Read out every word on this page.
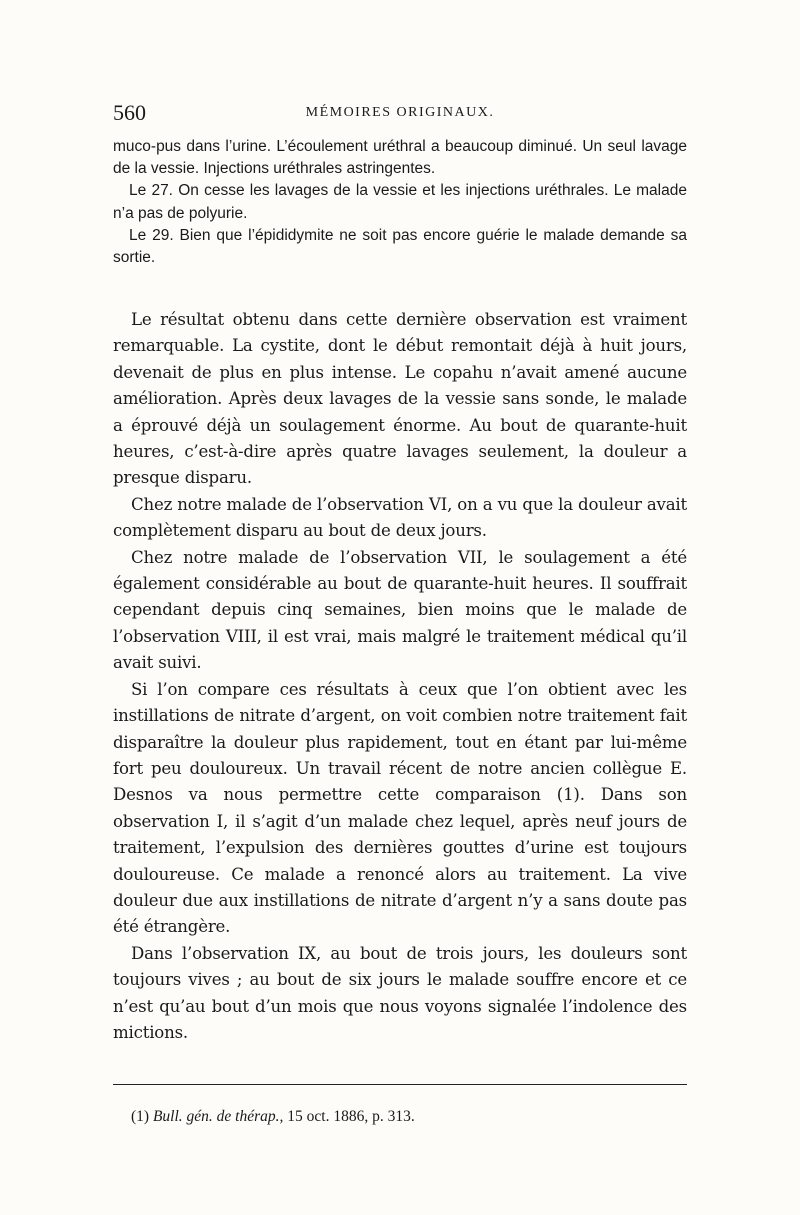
560	MÉMOIRES ORIGINAUX.

muco-pus dans l’urine. L’écoulement uréthral a beaucoup diminué. Un seul lavage de la vessie. Injections uréthrales astringentes.

Le 27. On cesse les lavages de la vessie et les injections uréthrales. Le malade n’a pas de polyurie.

Le 29. Bien que l’épididymite ne soit pas encore guérie le malade demande sa sortie.

Le résultat obtenu dans cette dernière observation est vraiment remarquable. La cystite, dont le début remontait déjà à huit jours, devenait de plus en plus intense. Le copahu n’avait amené aucune amélioration. Après deux lavages de la vessie sans sonde, le malade a éprouvé déjà un soulagement énorme. Au bout de quarante-huit heures, c’est-à-dire après quatre lavages seulement, la douleur a presque disparu.

Chez notre malade de l’observation VI, on a vu que la douleur avait complètement disparu au bout de deux jours.

Chez notre malade de l’observation VII, le soulagement a été également considérable au bout de quarante-huit heures. Il souffrait cependant depuis cinq semaines, bien moins que le malade de l’observation VIII, il est vrai, mais malgré le traitement médical qu’il avait suivi.

Si l’on compare ces résultats à ceux que l’on obtient avec les instillations de nitrate d’argent, on voit combien notre traitement fait disparaître la douleur plus rapidement, tout en étant par lui-même fort peu douloureux. Un travail récent de notre ancien collègue E. Desnos va nous permettre cette comparaison (1). Dans son observation I, il s’agit d’un malade chez lequel, après neuf jours de traitement, l’expulsion des dernières gouttes d’urine est toujours douloureuse. Ce malade a renoncé alors au traitement. La vive douleur due aux instillations de nitrate d’argent n’y a sans doute pas été étrangère.

Dans l’observation IX, au bout de trois jours, les douleurs sont toujours vives ; au bout de six jours le malade souffre encore et ce n’est qu’au bout d’un mois que nous voyons signalée l’indolence des mictions.

(1) Bull. gén. de thérap., 15 oct. 1886, p. 313.
